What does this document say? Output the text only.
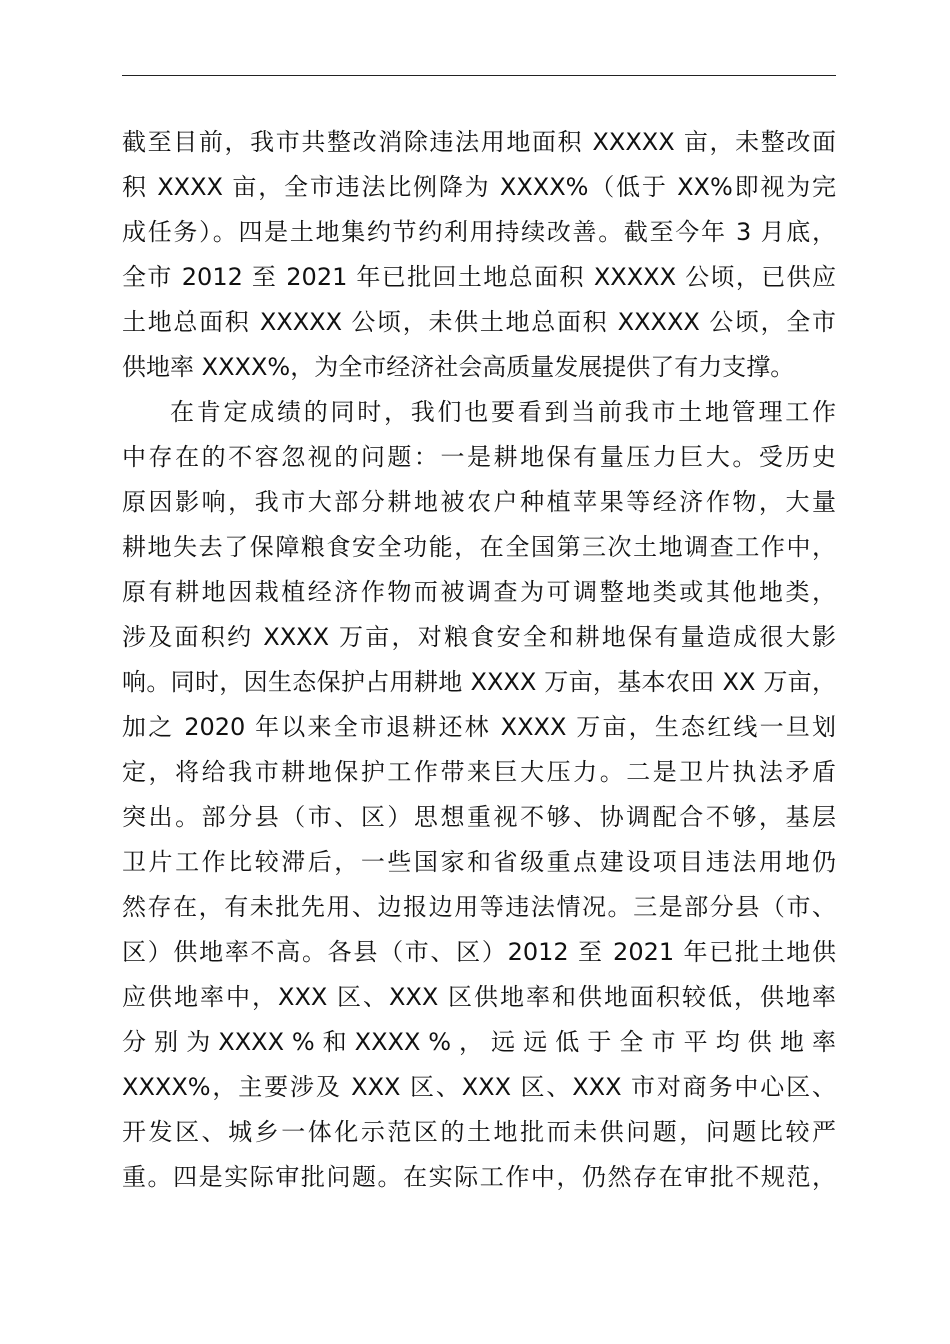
截至目前，我市共整改消除违法用地面积 XXXXX 亩，未整改面
积 XXXX 亩，全市违法比例降为 XXXX%（低于 XX%即视为完
成任务）。四是土地集约节约利用持续改善。截至今年 3 月底，
全市 2012 至 2021 年已批回土地总面积 XXXXX 公顷，已供应
土地总面积 XXXXX 公顷，未供土地总面积 XXXXX 公顷，全市
供地率 XXXX%，为全市经济社会高质量发展提供了有力支撑。
在肯定成绩的同时，我们也要看到当前我市土地管理工作
中存在的不容忽视的问题：一是耕地保有量压力巨大。受历史
原因影响，我市大部分耕地被农户种植苹果等经济作物，大量
耕地失去了保障粮食安全功能，在全国第三次土地调查工作中，
原有耕地因栽植经济作物而被调查为可调整地类或其他地类，
涉及面积约 XXXX 万亩，对粮食安全和耕地保有量造成很大影
响。同时，因生态保护占用耕地 XXXX 万亩，基本农田 XX 万亩，
加之 2020 年以来全市退耕还林 XXXX 万亩，生态红线一旦划
定，将给我市耕地保护工作带来巨大压力。二是卫片执法矛盾
突出。部分县（市、区）思想重视不够、协调配合不够，基层
卫片工作比较滞后，一些国家和省级重点建设项目违法用地仍
然存在，有未批先用、边报边用等违法情况。三是部分县（市、
区）供地率不高。各县（市、区）2012 至 2021 年已批土地供
应供地率中，XXX 区、XXX 区供地率和供地面积较低，供地率
分 别 为 XXXX % 和 XXXX % ， 远 远 低 于 全 市 平 均 供 地 率
XXXX%，主要涉及 XXX 区、XXX 区、XXX 市对商务中心区、
开发区、城乡一体化示范区的土地批而未供问题，问题比较严
重。四是实际审批问题。在实际工作中，仍然存在审批不规范，
